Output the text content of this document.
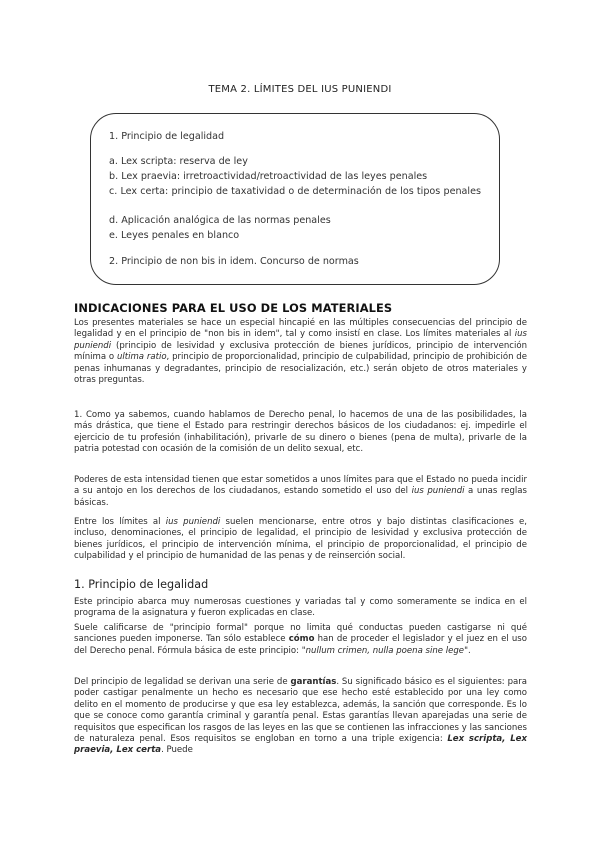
TEMA 2. LÍMITES DEL IUS PUNIENDI
1. Principio de legalidad
a. Lex scripta: reserva de ley
b. Lex praevia: irretroactividad/retroactividad de las leyes penales
c. Lex certa: principio de taxatividad o de determinación de los tipos penales
d. Aplicación analógica de las normas penales
e. Leyes penales en blanco
2. Principio de non bis in idem. Concurso de normas
INDICACIONES PARA EL USO DE LOS MATERIALES
Los presentes materiales se hace un especial hincapié en las múltiples consecuencias del principio de legalidad y en el principio de "non bis in idem", tal y como insistí en clase. Los límites materiales al ius puniendi (principio de lesividad y exclusiva protección de bienes jurídicos, principio de intervención mínima o ultima ratio, principio de proporcionalidad, principio de culpabilidad, principio de prohibición de penas inhumanas y degradantes, principio de resocialización, etc.) serán objeto de otros materiales y otras preguntas.
1. Como ya sabemos, cuando hablamos de Derecho penal, lo hacemos de una de las posibilidades, la más drástica, que tiene el Estado para restringir derechos básicos de los ciudadanos: ej. impedirle el ejercicio de tu profesión (inhabilitación), privarle de su dinero o bienes (pena de multa), privarle de la patria potestad con ocasión de la comisión de un delito sexual, etc.
Poderes de esta intensidad tienen que estar sometidos a unos límites para que el Estado no pueda incidir a su antojo en los derechos de los ciudadanos, estando sometido el uso del ius puniendi a unas reglas básicas.
Entre los límites al ius puniendi suelen mencionarse, entre otros y bajo distintas clasificaciones e, incluso, denominaciones, el principio de legalidad, el principio de lesividad y exclusiva protección de bienes jurídicos, el principio de intervención mínima, el principio de proporcionalidad, el principio de culpabilidad y el principio de humanidad de las penas y de reinserción social.
1. Principio de legalidad
Este principio abarca muy numerosas cuestiones y variadas tal y como someramente se indica en el programa de la asignatura y fueron explicadas en clase.
Suele calificarse de "principio formal" porque no limita qué conductas pueden castigarse ni qué sanciones pueden imponerse. Tan sólo establece cómo han de proceder el legislador y el juez en el uso del Derecho penal. Fórmula básica de este principio: "nullum crimen, nulla poena sine lege".
Del principio de legalidad se derivan una serie de garantías. Su significado básico es el siguientes: para poder castigar penalmente un hecho es necesario que ese hecho esté establecido por una ley como delito en el momento de producirse y que esa ley establezca, además, la sanción que corresponde. Es lo que se conoce como garantía criminal y garantía penal. Estas garantías llevan aparejadas una serie de requisitos que especifican los rasgos de las leyes en las que se contienen las infracciones y las sanciones de naturaleza penal. Esos requisitos se engloban en torno a una triple exigencia: Lex scripta, Lex praevia, Lex certa. Puede
